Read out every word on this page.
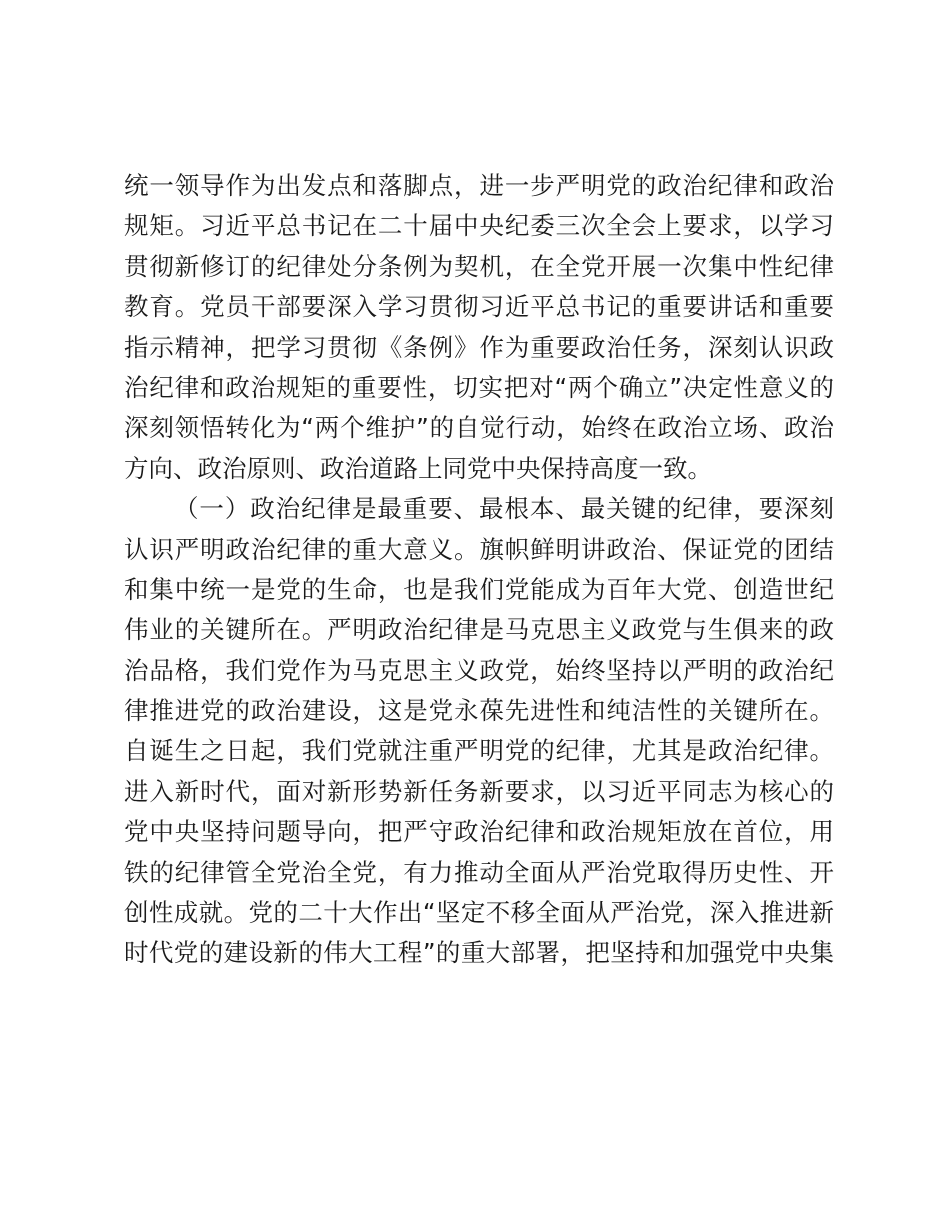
统一领导作为出发点和落脚点，进一步严明党的政治纪律和政治
规矩。习近平总书记在二十届中央纪委三次全会上要求，以学习
贯彻新修订的纪律处分条例为契机，在全党开展一次集中性纪律
教育。党员干部要深入学习贯彻习近平总书记的重要讲话和重要
指示精神，把学习贯彻《条例》作为重要政治任务，深刻认识政
治纪律和政治规矩的重要性，切实把对“两个确立”决定性意义的
深刻领悟转化为“两个维护”的自觉行动，始终在政治立场、政治
方向、政治原则、政治道路上同党中央保持高度一致。
（一）政治纪律是最重要、最根本、最关键的纪律，要深刻
认识严明政治纪律的重大意义。旗帜鲜明讲政治、保证党的团结
和集中统一是党的生命，也是我们党能成为百年大党、创造世纪
伟业的关键所在。严明政治纪律是马克思主义政党与生俱来的政
治品格，我们党作为马克思主义政党，始终坚持以严明的政治纪
律推进党的政治建设，这是党永葆先进性和纯洁性的关键所在。
自诞生之日起，我们党就注重严明党的纪律，尤其是政治纪律。
进入新时代，面对新形势新任务新要求，以习近平同志为核心的
党中央坚持问题导向，把严守政治纪律和政治规矩放在首位，用
铁的纪律管全党治全党，有力推动全面从严治党取得历史性、开
创性成就。党的二十大作出“坚定不移全面从严治党，深入推进新
时代党的建设新的伟大工程”的重大部署，把坚持和加强党中央集
